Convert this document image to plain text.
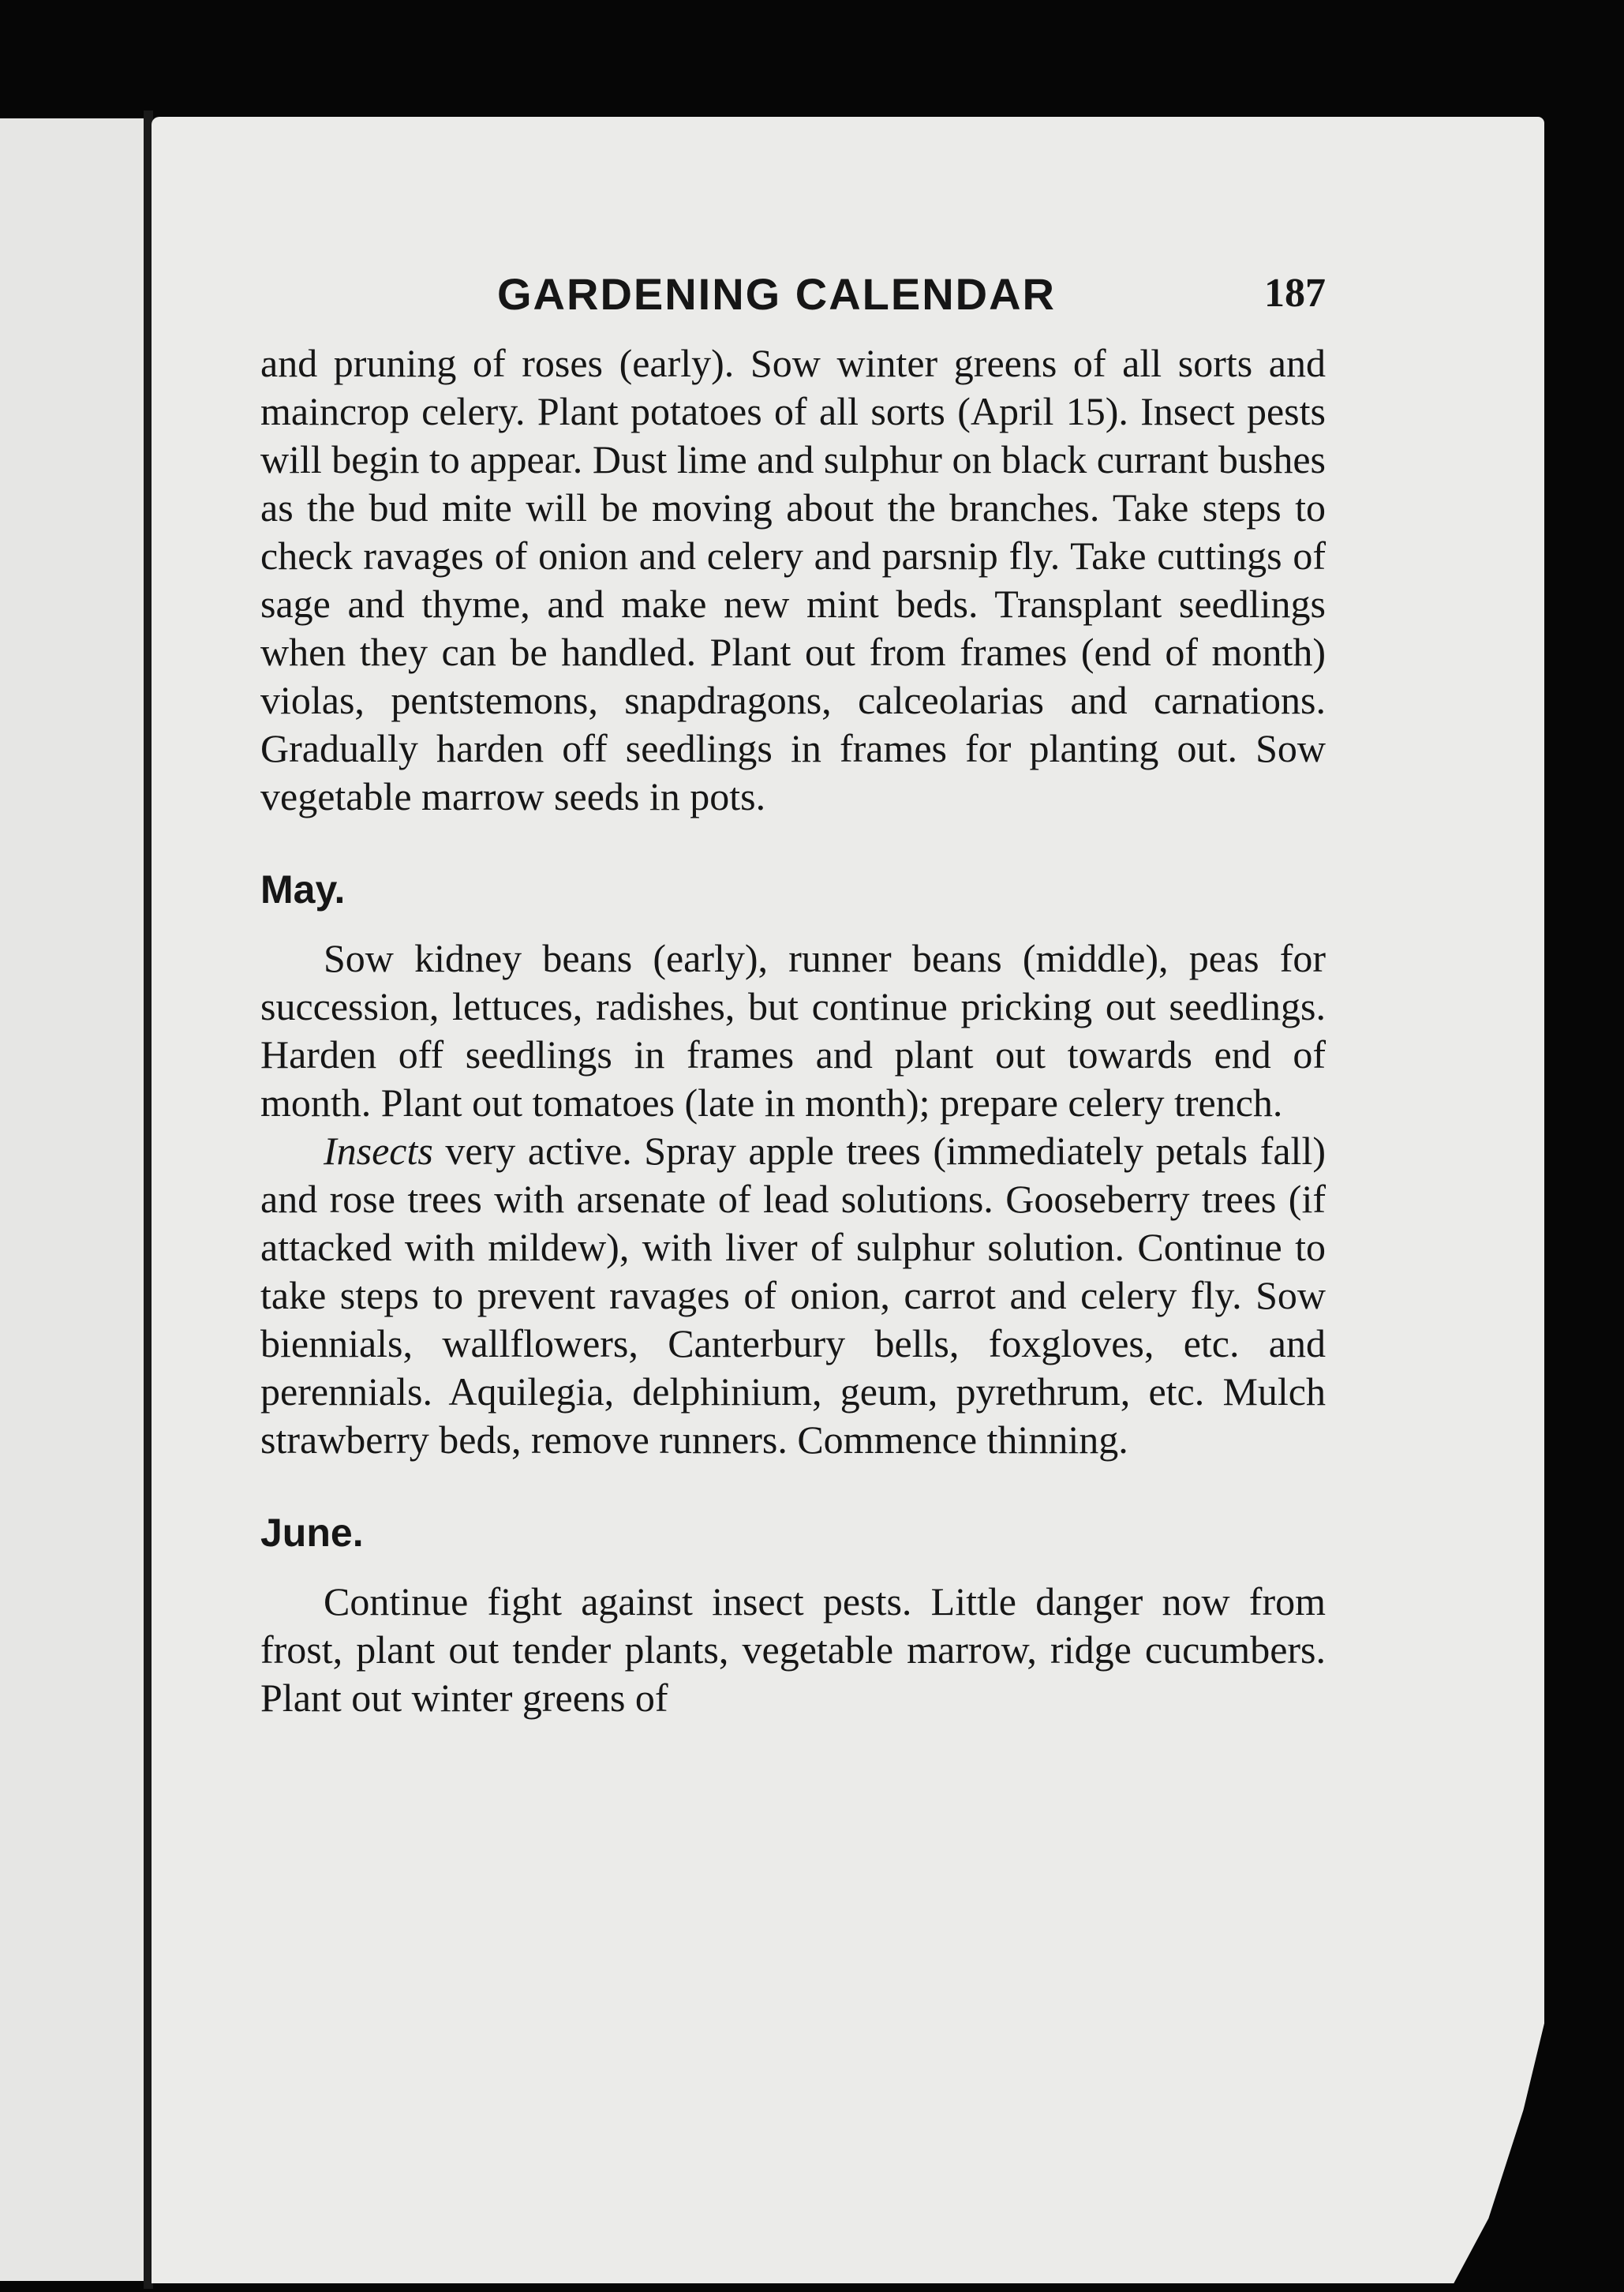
GARDENING CALENDAR	187

and pruning of roses (early). Sow winter greens of all sorts and maincrop celery. Plant potatoes of all sorts (April 15). Insect pests will begin to appear. Dust lime and sulphur on black currant bushes as the bud mite will be moving about the branches. Take steps to check ravages of onion and celery and parsnip fly. Take cuttings of sage and thyme, and make new mint beds. Transplant seedlings when they can be handled. Plant out from frames (end of month) violas, pentstemons, snapdragons, calceolarias and carnations. Gradually harden off seedlings in frames for planting out. Sow vegetable marrow seeds in pots.

May.

Sow kidney beans (early), runner beans (middle), peas for succession, lettuces, radishes, but continue pricking out seedlings. Harden off seedlings in frames and plant out towards end of month. Plant out tomatoes (late in month); prepare celery trench.

Insects very active. Spray apple trees (immediately petals fall) and rose trees with arsenate of lead solutions. Gooseberry trees (if attacked with mildew), with liver of sulphur solution. Continue to take steps to prevent ravages of onion, carrot and celery fly. Sow biennials, wallflowers, Canterbury bells, foxgloves, etc. and perennials. Aquilegia, delphinium, geum, pyrethrum, etc. Mulch strawberry beds, remove runners. Commence thinning.

June.

Continue fight against insect pests. Little danger now from frost, plant out tender plants, vegetable marrow, ridge cucumbers. Plant out winter greens of
